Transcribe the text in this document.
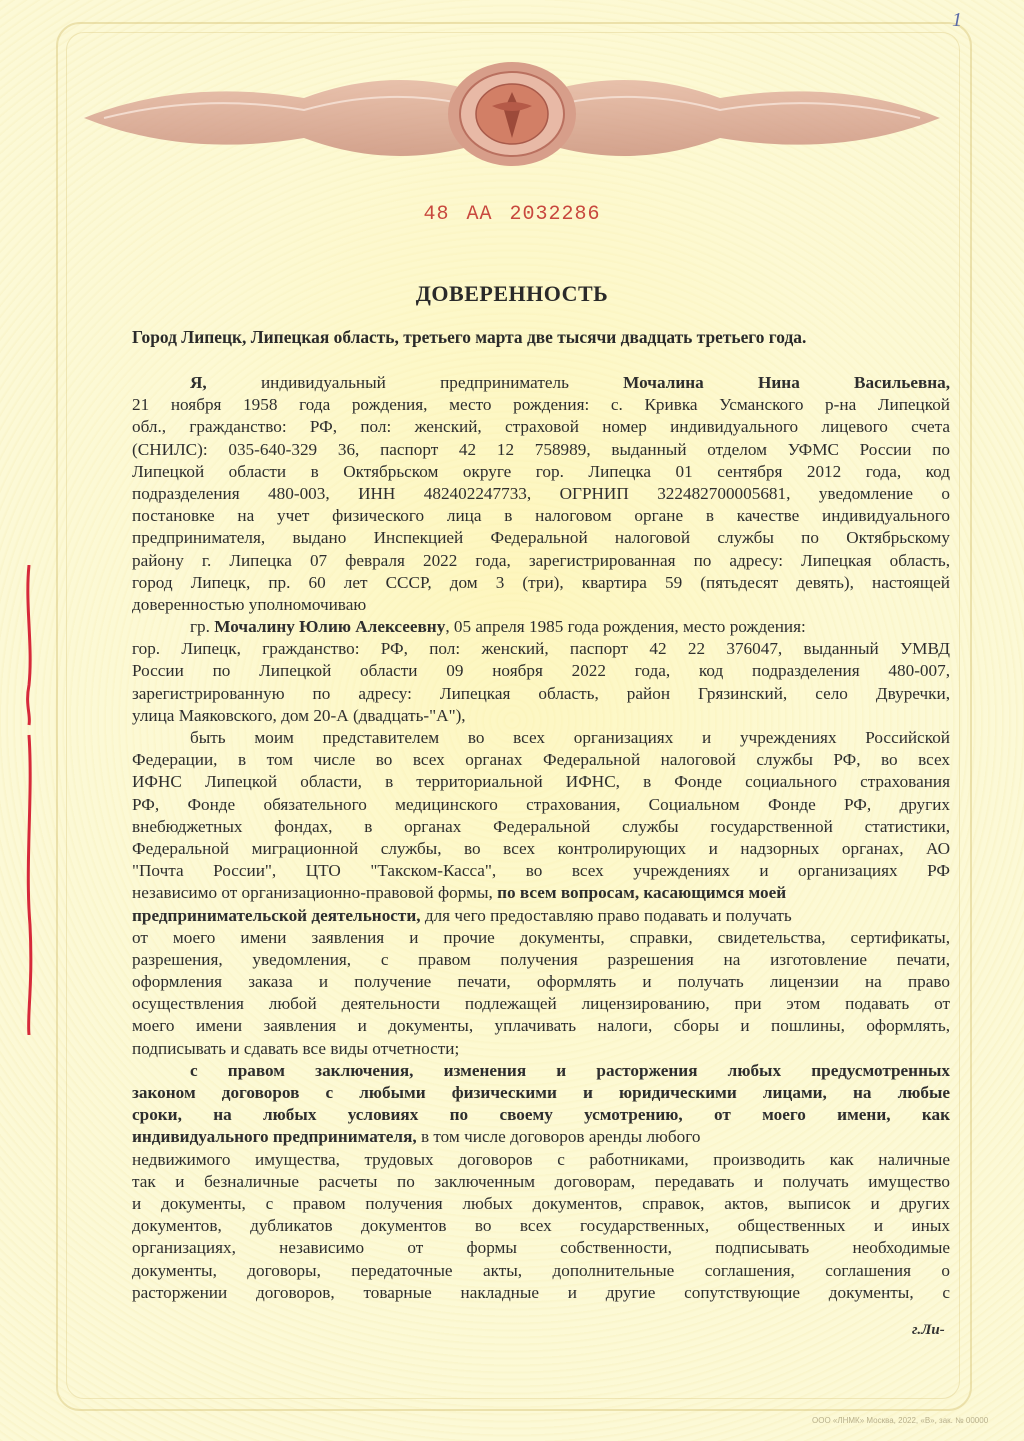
1
48 АА 2032286
ДОВЕРЕННОСТЬ
Город Липецк, Липецкая область, третьего марта две тысячи двадцать третьего года.
Я,	индивидуальный	предприниматель	Мочалина	Нина	Васильевна,
21 ноября 1958 года рождения, место рождения: с. Кривка Усманского р-на Липецкой
обл., гражданство: РФ, пол: женский, страховой номер индивидуального лицевого счета
(СНИЛС): 035-640-329 36, паспорт 42 12 758989, выданный отделом УФМС России по
Липецкой области в Октябрьском округе гор. Липецка 01 сентября 2012 года, код
подразделения 480-003, ИНН 482402247733, ОГРНИП 322482700005681, уведомление о
постановке на учет физического лица в налоговом органе в качестве индивидуального
предпринимателя, выдано Инспекцией Федеральной налоговой службы по Октябрьскому
району г. Липецка 07 февраля 2022 года, зарегистрированная по адресу: Липецкая область,
город Липецк, пр. 60 лет СССР, дом 3 (три), квартира 59 (пятьдесят девять), настоящей
доверенностью уполномочиваю
гр. Мочалину Юлию Алексеевну, 05 апреля 1985 года рождения, место рождения:
гор. Липецк, гражданство: РФ, пол: женский, паспорт 42 22 376047, выданный УМВД
России по Липецкой области 09 ноября 2022 года, код подразделения 480-007,
зарегистрированную по адресу: Липецкая область, район Грязинский, село Двуречки,
улица Маяковского, дом 20-А (двадцать-"А"),
быть моим представителем во всех организациях и учреждениях Российской
Федерации, в том числе во всех органах Федеральной налоговой службы РФ, во всех
ИФНС Липецкой области, в территориальной ИФНС, в Фонде социального страхования
РФ, Фонде обязательного медицинского страхования, Социальном Фонде РФ, других
внебюджетных фондах, в органах Федеральной службы государственной статистики,
Федеральной миграционной службы, во всех контролирующих и надзорных органах, АО
"Почта России", ЦТО "Такском-Касса", во всех учреждениях и организациях РФ
независимо от организационно-правовой формы, по всем вопросам, касающимся моей
предпринимательской деятельности, для чего предоставляю право подавать и получать
от моего имени заявления и прочие документы, справки, свидетельства, сертификаты,
разрешения, уведомления, с правом получения разрешения на изготовление печати,
оформления заказа и получение печати, оформлять и получать лицензии на право
осуществления любой деятельности подлежащей лицензированию, при этом подавать от
моего имени заявления и документы, уплачивать налоги, сборы и пошлины, оформлять,
подписывать и сдавать все виды отчетности;
с правом заключения, изменения и расторжения любых предусмотренных
законом договоров с любыми физическими и юридическими лицами, на любые
сроки, на любых условиях по своему усмотрению, от моего имени, как
индивидуального предпринимателя, в том числе договоров аренды любого
недвижимого имущества, трудовых договоров с работниками, производить как наличные
так и безналичные расчеты по заключенным договорам, передавать и получать имущество
и документы, с правом получения любых документов, справок, актов, выписок и других
документов, дубликатов документов во всех государственных, общественных и иных
организациях, независимо от формы собственности, подписывать необходимые
документы, договоры, передаточные акты, дополнительные соглашения, соглашения о
расторжении договоров, товарные накладные и другие сопутствующие документы, с
г.Ли-
ООО «ЛНМК» Москва, 2022, «В», зак. № 00000
